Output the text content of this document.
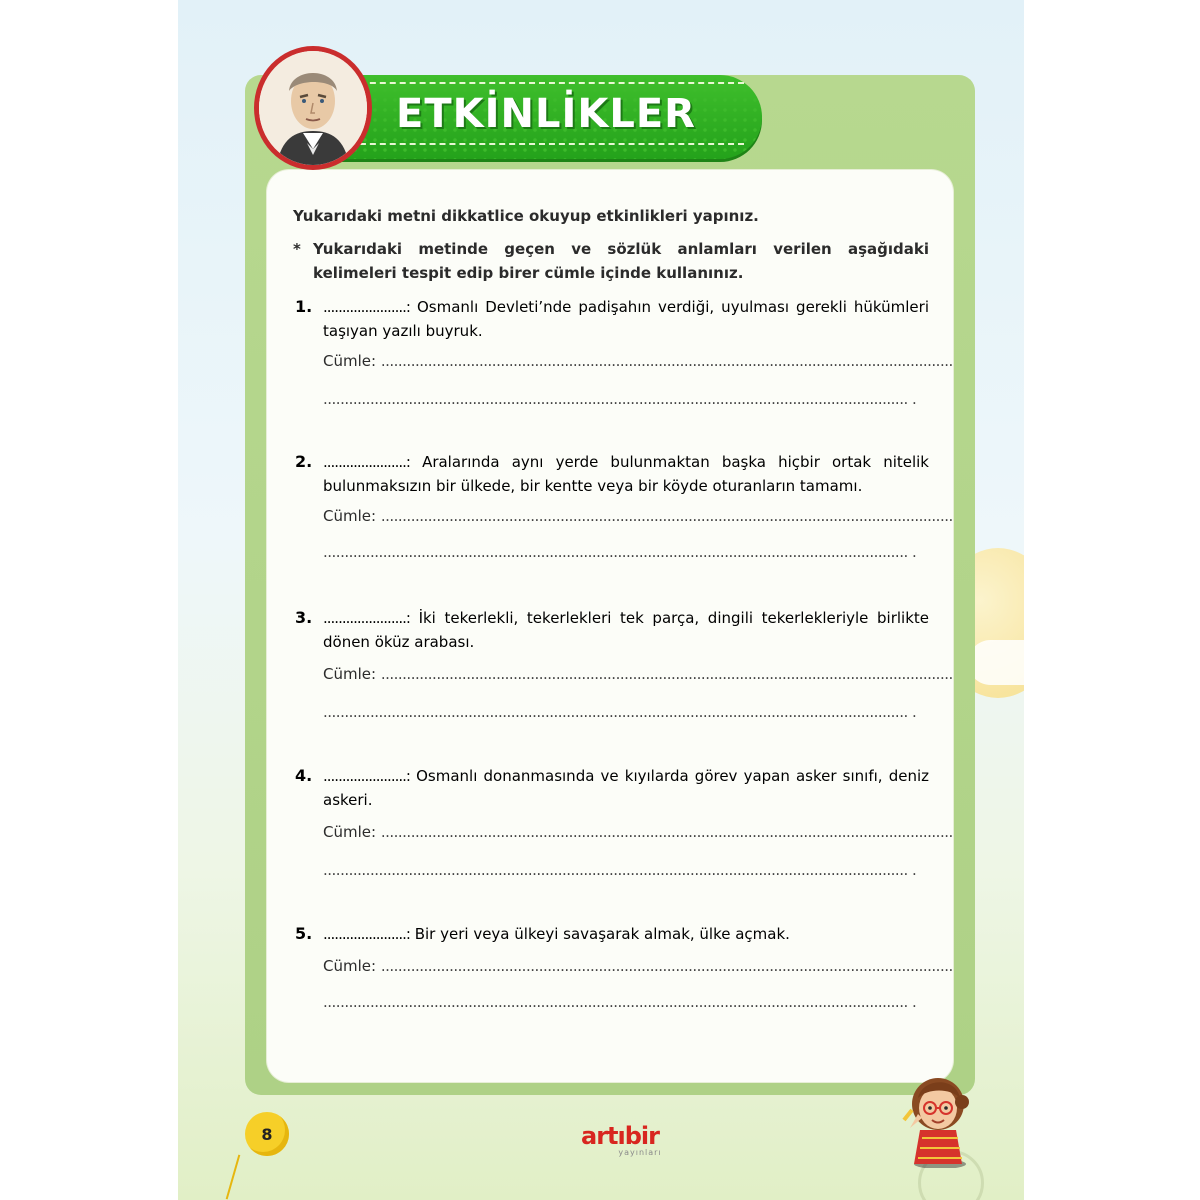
ETKİNLİKLER

Yukarıdaki metni dikkatlice okuyup etkinlikleri yapınız.

* Yukarıdaki metinde geçen ve sözlük anlamları verilen aşağıdaki kelimeleri tespit edip birer cümle içinde kullanınız.
1. ......................: Osmanlı Devleti’nde padişahın verdiği, uyulması gerekli hükümleri taşıyan yazılı buyruk.
Cümle: ......................................................................................................................................
......................................................................................................................................... .
2. ......................: Aralarında aynı yerde bulunmaktan başka hiçbir ortak nitelik bulunmaksızın bir ülkede, bir kentte veya bir köyde oturanların tamamı.
Cümle: ......................................................................................................................................
......................................................................................................................................... .
3. ......................: İki tekerlekli, tekerlekleri tek parça, dingili tekerlekleriyle birlikte dönen öküz arabası.
Cümle: ......................................................................................................................................
......................................................................................................................................... .
4. ......................: Osmanlı donanmasında ve kıyılarda görev yapan asker sınıfı, deniz askeri.
Cümle: ......................................................................................................................................
......................................................................................................................................... .
5. ......................: Bir yeri veya ülkeyi savaşarak almak, ülke açmak.
Cümle: ......................................................................................................................................
......................................................................................................................................... .
8	artıbir
yayınları
